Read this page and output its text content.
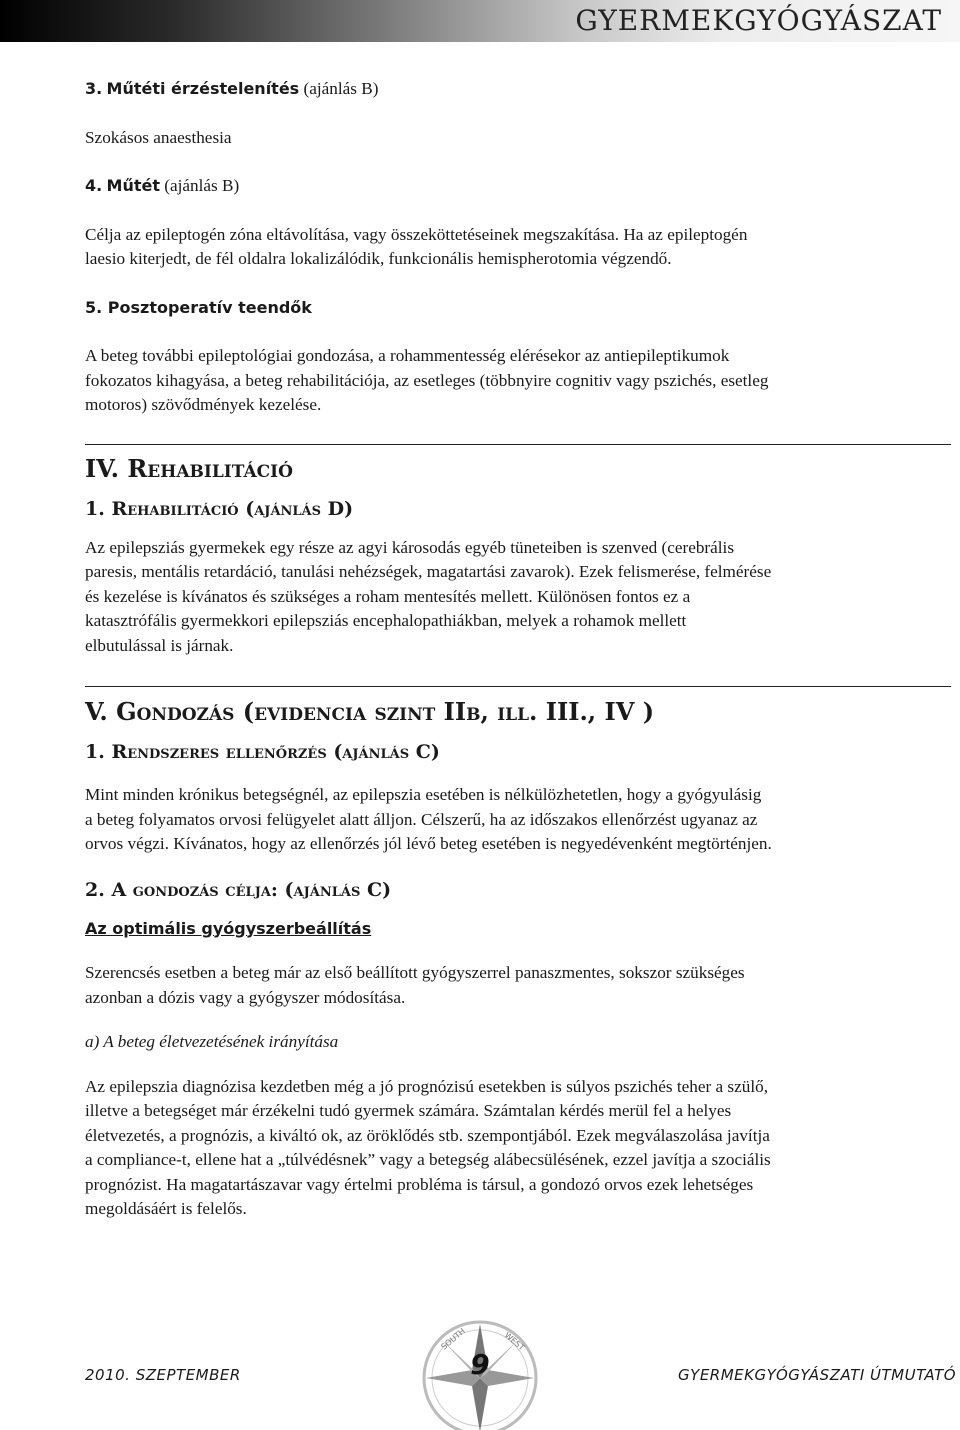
GYERMEKGYÓGYÁSZAT

3. Műtéti érzéstelenítés (ajánlás B)

Szokásos anaesthesia

4. Műtét (ajánlás B)

Célja az epileptogén zóna eltávolítása, vagy összeköttetéseinek megszakítása. Ha az epileptogén

laesio kiterjedt, de fél oldalra lokalizálódik, funkcionális hemispherotomia végzendő.

5. Posztoperatív teendők

A beteg további epileptológiai gondozása, a rohammentesség elérésekor az antiepileptikumok

fokozatos kihagyása, a beteg rehabilitációja, az esetleges (többnyire cognitiv vagy pszichés, esetleg

motoros) szövődmények kezelése.

IV. Rehabilitáció
1. Rehabilitáció (ajánlás D)

Az epilepsziás gyermekek egy része az agyi károsodás egyéb tüneteiben is szenved (cerebrális

paresis, mentális retardáció, tanulási nehézségek, magatartási zavarok). Ezek felismerése, felmérése

és kezelése is kívánatos és szükséges a roham mentesítés mellett. Különösen fontos ez a

katasztrófális gyermekkori epilepsziás encephalopathiákban, melyek a rohamok mellett

elbutulással is járnak.

V. Gondozás (evidencia szint IIb, ill. III., IV )
1. Rendszeres ellenőrzés (ajánlás C)

Mint minden krónikus betegségnél, az epilepszia esetében is nélkülözhetetlen, hogy a gyógyulásig

a beteg folyamatos orvosi felügyelet alatt álljon. Célszerű, ha az időszakos ellenőrzést ugyanaz az

orvos végzi. Kívánatos, hogy az ellenőrzés jól lévő beteg esetében is negyedévenként megtörténjen.

2. A gondozás célja: (ajánlás C)

Az optimális gyógyszerbeállítás

Szerencsés esetben a beteg már az első beállított gyógyszerrel panaszmentes, sokszor szükséges

azonban a dózis vagy a gyógyszer módosítása.

a) A beteg életvezetésének irányítása

Az epilepszia diagnózisa kezdetben még a jó prognózisú esetekben is súlyos pszichés teher a szülő,

illetve a betegséget már érzékelni tudó gyermek számára. Számtalan kérdés merül fel a helyes

életvezetés, a prognózis, a kiváltó ok, az öröklődés stb. szempontjából. Ezek megválaszolása javítja

a compliance-t, ellene hat a „túlvédésnek” vagy a betegség alábecsülésének, ezzel javítja a szociális

prognózist. Ha magatartászavar vagy értelmi probléma is társul, a gondozó orvos ezek lehetséges

megoldásáért is felelős.

SOUTH	WEST
2010. SZEPTEMBER	9	GYERMEKGYÓGYÁSZATI ÚTMUTATÓ
